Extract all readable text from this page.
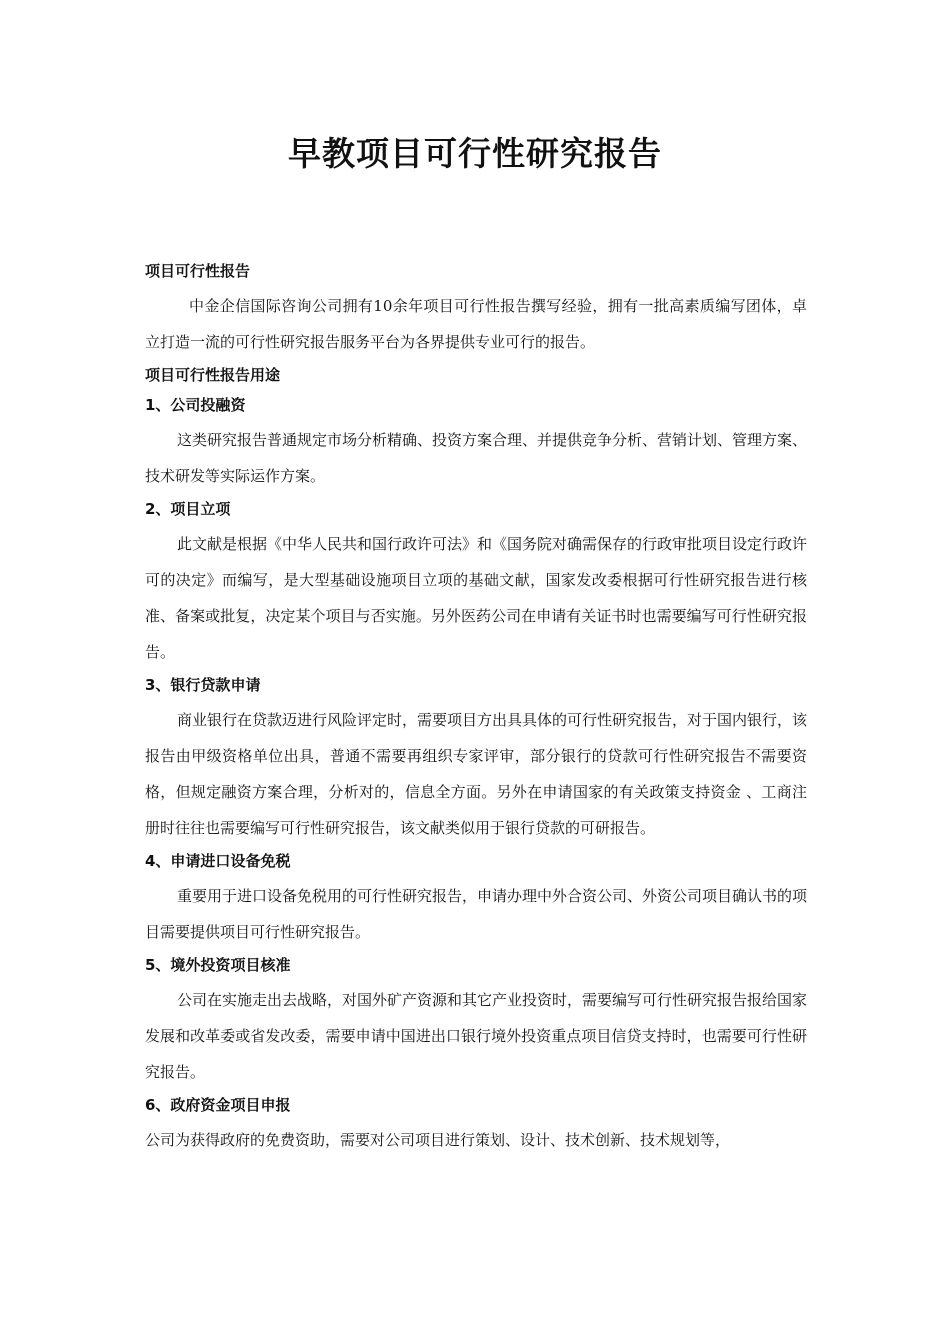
早教项目可行性研究报告
项目可行性报告
中金企信国际咨询公司拥有10余年项目可行性报告撰写经验，拥有一批高素质编写团体，卓立打造一流的可行性研究报告服务平台为各界提供专业可行的报告。
项目可行性报告用途
1、公司投融资
这类研究报告普通规定市场分析精确、投资方案合理、并提供竞争分析、营销计划、管理方案、技术研发等实际运作方案。
2、项目立项
此文献是根据《中华人民共和国行政许可法》和《国务院对确需保存的行政审批项目设定行政许可的决定》而编写，是大型基础设施项目立项的基础文献，国家发改委根据可行性研究报告进行核准、备案或批复，决定某个项目与否实施。另外医药公司在申请有关证书时也需要编写可行性研究报告。
3、银行贷款申请
商业银行在贷款迈进行风险评定时，需要项目方出具具体的可行性研究报告，对于国内银行，该报告由甲级资格单位出具，普通不需要再组织专家评审，部分银行的贷款可行性研究报告不需要资格，但规定融资方案合理，分析对的，信息全方面。另外在申请国家的有关政策支持资金 、工商注册时往往也需要编写可行性研究报告，该文献类似用于银行贷款的可研报告。
4、申请进口设备免税
重要用于进口设备免税用的可行性研究报告，申请办理中外合资公司、外资公司项目确认书的项目需要提供项目可行性研究报告。
5、境外投资项目核准
公司在实施走出去战略，对国外矿产资源和其它产业投资时，需要编写可行性研究报告报给国家发展和改革委或省发改委，需要申请中国进出口银行境外投资重点项目信贷支持时，也需要可行性研究报告。
6、政府资金项目申报
公司为获得政府的免费资助，需要对公司项目进行策划、设计、技术创新、技术规划等，
